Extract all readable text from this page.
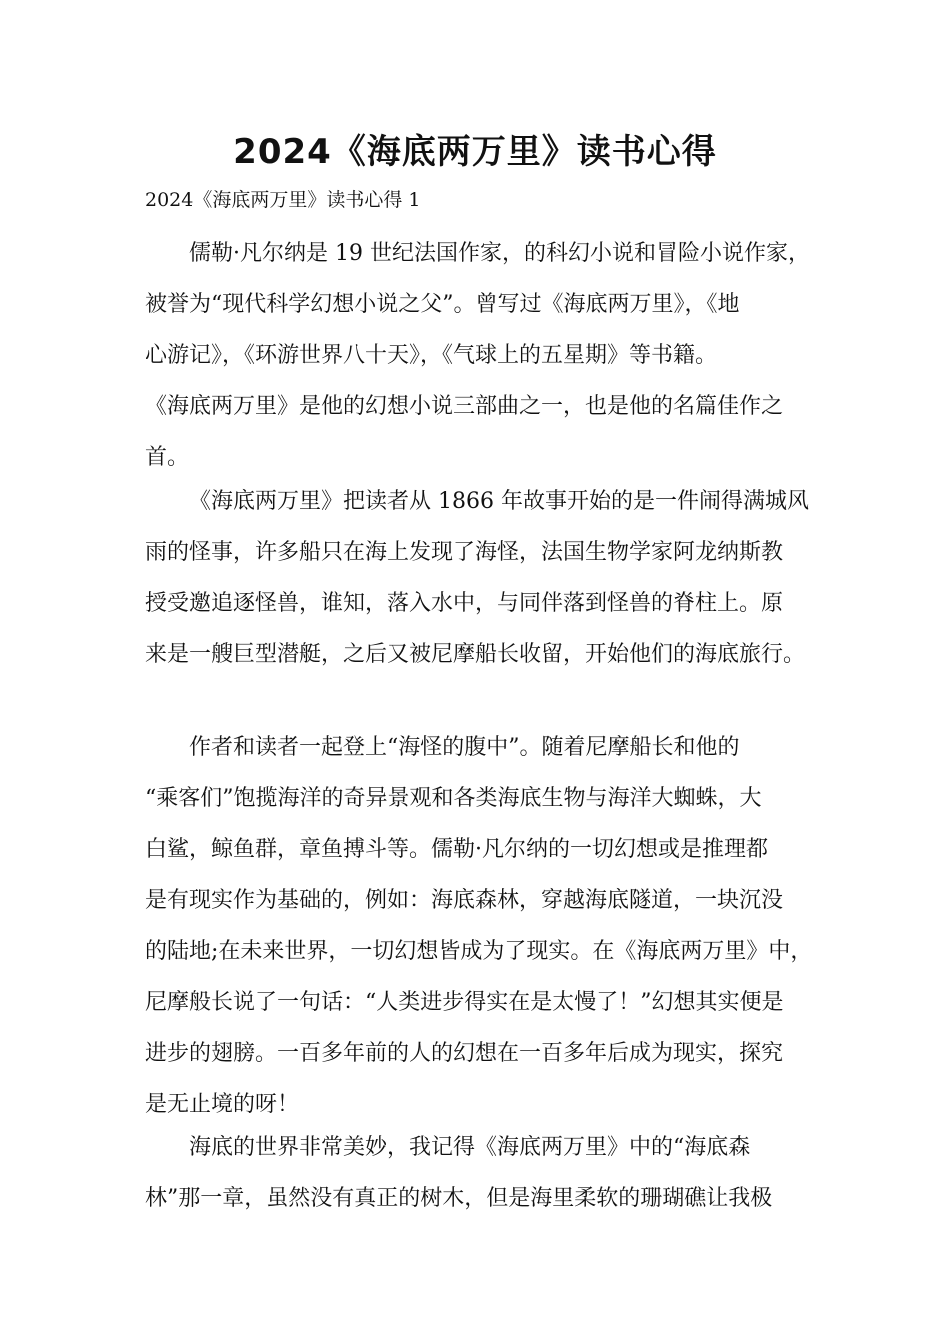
2024《海底两万里》读书心得
2024《海底两万里》读书心得 1
儒勒·凡尔纳是 19 世纪法国作家，的科幻小说和冒险小说作家，
被誉为“现代科学幻想小说之父”。曾写过《海底两万里》，《地
心游记》，《环游世界八十天》，《气球上的五星期》等书籍。
《海底两万里》是他的幻想小说三部曲之一，也是他的名篇佳作之
首。
《海底两万里》把读者从 1866 年故事开始的是一件闹得满城风
雨的怪事，许多船只在海上发现了海怪，法国生物学家阿龙纳斯教
授受邀追逐怪兽，谁知，落入水中，与同伴落到怪兽的脊柱上。原
来是一艘巨型潜艇，之后又被尼摩船长收留，开始他们的海底旅行。
作者和读者一起登上“海怪的腹中”。随着尼摩船长和他的
“乘客们”饱揽海洋的奇异景观和各类海底生物与海洋大蜘蛛，大
白鲨，鲸鱼群，章鱼搏斗等。儒勒·凡尔纳的一切幻想或是推理都
是有现实作为基础的，例如：海底森林，穿越海底隧道，一块沉没
的陆地;在未来世界，一切幻想皆成为了现实。在《海底两万里》中，
尼摩般长说了一句话：“人类进步得实在是太慢了！”幻想其实便是
进步的翅膀。一百多年前的人的幻想在一百多年后成为现实，探究
是无止境的呀！
海底的世界非常美妙，我记得《海底两万里》中的“海底森
林”那一章，虽然没有真正的树木，但是海里柔软的珊瑚礁让我极
